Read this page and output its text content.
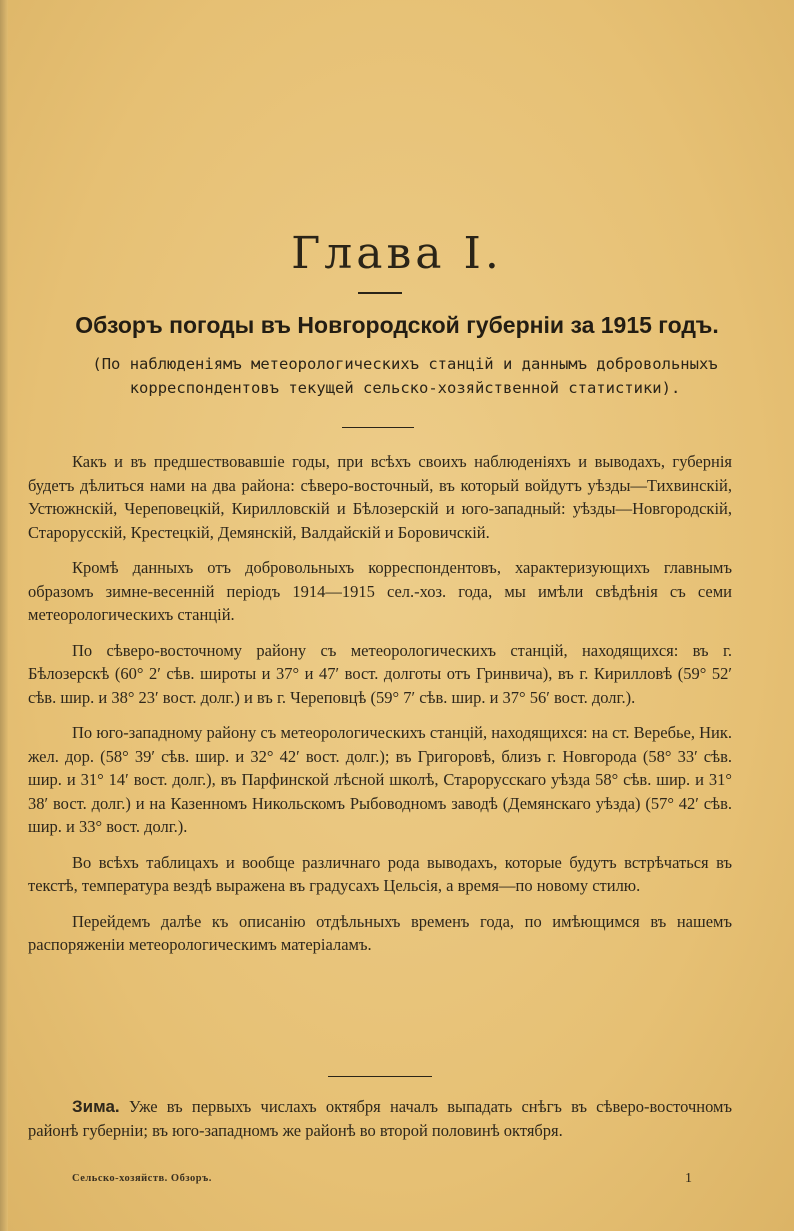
Глава I.
Обзоръ погоды въ Новгородской губерніи за 1915 годъ.
(По наблюденіямъ метеорологическихъ станцій и даннымъ добровольныхъ корреспондентовъ текущей сельско-хозяйственной статистики).

Какъ и въ предшествовавшіе годы, при всѣхъ своихъ наблюденіяхъ и выводахъ, губернія будетъ дѣлиться нами на два района: сѣверо-восточный, въ который войдутъ уѣзды—Тихвинскій, Устюжнскій, Череповецкій, Кирилловскій и Бѣлозерскій и юго-западный: уѣзды—Новгородскій, Старорусскій, Крестецкій, Демянскій, Валдайскій и Боровичскій.

Кромѣ данныхъ отъ добровольныхъ корреспондентовъ, характеризующихъ главнымъ образомъ зимне-весенній періодъ 1914—1915 сел.-хоз. года, мы имѣли свѣдѣнія съ семи метеорологическихъ станцій.

По сѣверо-восточному району съ метеорологическихъ станцій, находящихся: въ г. Бѣлозерскѣ (60° 2′ сѣв. широты и 37° и 47′ вост. долготы отъ Гринвича), въ г. Кирилловѣ (59° 52′ сѣв. шир. и 38° 23′ вост. долг.) и въ г. Череповцѣ (59° 7′ сѣв. шир. и 37° 56′ вост. долг.).

По юго-западному району съ метеорологическихъ станцій, находящихся: на ст. Веребье, Ник. жел. дор. (58° 39′ сѣв. шир. и 32° 42′ вост. долг.); въ Григоровѣ, близъ г. Новгорода (58° 33′ сѣв. шир. и 31° 14′ вост. долг.), въ Парфинской лѣсной школѣ, Старорусскаго уѣзда 58° сѣв. шир. и 31° 38′ вост. долг.) и на Казенномъ Никольскомъ Рыбоводномъ заводѣ (Демянскаго уѣзда) (57° 42′ сѣв. шир. и 33° вост. долг.).

Во всѣхъ таблицахъ и вообще различнаго рода выводахъ, которые будутъ встрѣчаться въ текстѣ, температура вездѣ выражена въ градусахъ Цельсія, а время—по новому стилю.

Перейдемъ далѣе къ описанію отдѣльныхъ временъ года, по имѣющимся въ нашемъ распоряженіи метеорологическимъ матеріаламъ.

Зима. Уже въ первыхъ числахъ октября началъ выпадать снѣгъ въ сѣверо-восточномъ районѣ губерніи; въ юго-западномъ же районѣ во второй половинѣ октября.
Сельско-хозяйств. Обзоръ.	1
